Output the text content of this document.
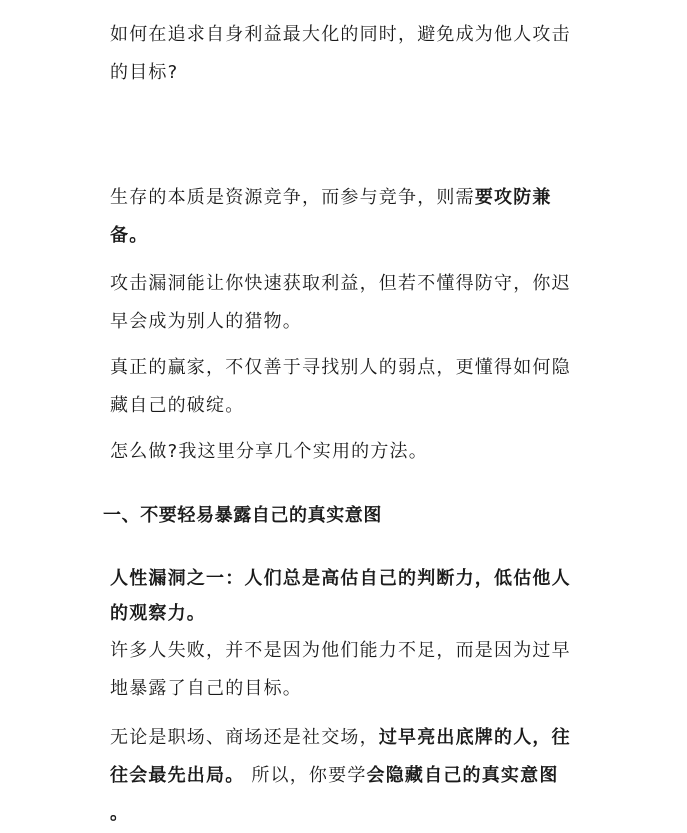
如何在追求自身利益最大化的同时，避免成为他人攻击的目标?

生存的本质是资源竞争，而参与竞争，则需要攻防兼备。

攻击漏洞能让你快速获取利益，但若不懂得防守，你迟早会成为别人的猎物。

真正的赢家，不仅善于寻找别人的弱点，更懂得如何隐藏自己的破绽。

怎么做?我这里分享几个实用的方法。

一、不要轻易暴露自己的真实意图

人性漏洞之一：人们总是高估自己的判断力，低估他人的观察力。

许多人失败，并不是因为他们能力不足，而是因为过早地暴露了自己的目标。

无论是职场、商场还是社交场，过早亮出底牌的人，往往会最先出局。 所以，你要学会隐藏自己的真实意图 。
